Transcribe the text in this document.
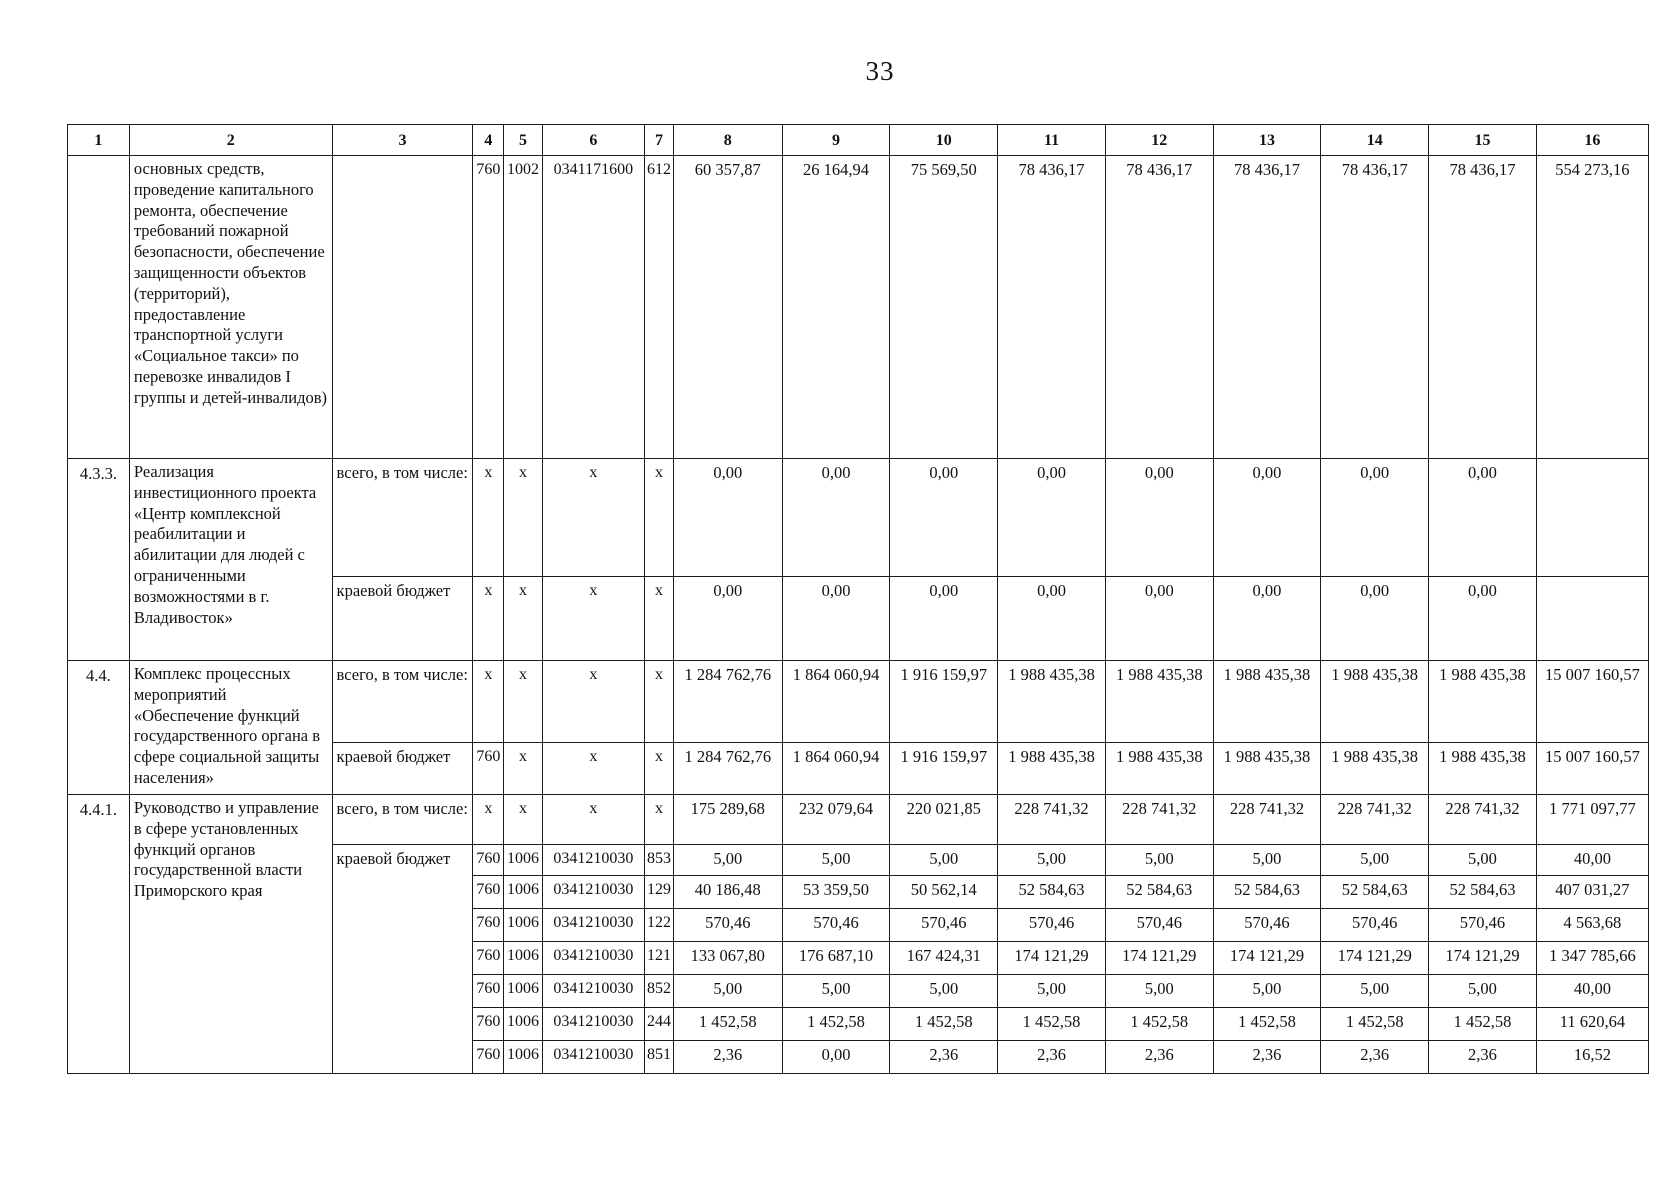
33
1	2	3	4	5	6	7	8	9	10	11	12	13	14	15	16
	основных средств, проведение капитального ремонта, обеспечение требований пожарной безопасности, обеспечение защищенности объектов (территорий), предоставление транспортной услуги «Социальное такси» по перевозке инвалидов I группы и детей-инвалидов)		760	1002	0341171600	612	60 357,87	26 164,94	75 569,50	78 436,17	78 436,17	78 436,17	78 436,17	78 436,17	554 273,16
4.3.3.	Реализация инвестиционного проекта «Центр комплексной реабилитации и абилитации для людей с ограниченными возможностями в г. Владивосток»	всего, в том числе:	x	x	x	x	0,00	0,00	0,00	0,00	0,00	0,00	0,00	0,00	
		краевой бюджет	x	x	x	x	0,00	0,00	0,00	0,00	0,00	0,00	0,00	0,00	
4.4.	Комплекс процессных мероприятий «Обеспечение функций государственного органа в сфере социальной защиты населения»	всего, в том числе:	x	x	x	x	1 284 762,76	1 864 060,94	1 916 159,97	1 988 435,38	1 988 435,38	1 988 435,38	1 988 435,38	1 988 435,38	15 007 160,57
		краевой бюджет	760	x	x	x	1 284 762,76	1 864 060,94	1 916 159,97	1 988 435,38	1 988 435,38	1 988 435,38	1 988 435,38	1 988 435,38	15 007 160,57
4.4.1.	Руководство и управление в сфере установленных функций органов государственной власти Приморского края	всего, в том числе:	x	x	x	x	175 289,68	232 079,64	220 021,85	228 741,32	228 741,32	228 741,32	228 741,32	228 741,32	1 771 097,77
		краевой бюджет	760	1006	0341210030	853	5,00	5,00	5,00	5,00	5,00	5,00	5,00	5,00	40,00
			760	1006	0341210030	129	40 186,48	53 359,50	50 562,14	52 584,63	52 584,63	52 584,63	52 584,63	52 584,63	407 031,27
			760	1006	0341210030	122	570,46	570,46	570,46	570,46	570,46	570,46	570,46	570,46	4 563,68
			760	1006	0341210030	121	133 067,80	176 687,10	167 424,31	174 121,29	174 121,29	174 121,29	174 121,29	174 121,29	1 347 785,66
			760	1006	0341210030	852	5,00	5,00	5,00	5,00	5,00	5,00	5,00	5,00	40,00
			760	1006	0341210030	244	1 452,58	1 452,58	1 452,58	1 452,58	1 452,58	1 452,58	1 452,58	1 452,58	11 620,64
			760	1006	0341210030	851	2,36	0,00	2,36	2,36	2,36	2,36	2,36	2,36	16,52
